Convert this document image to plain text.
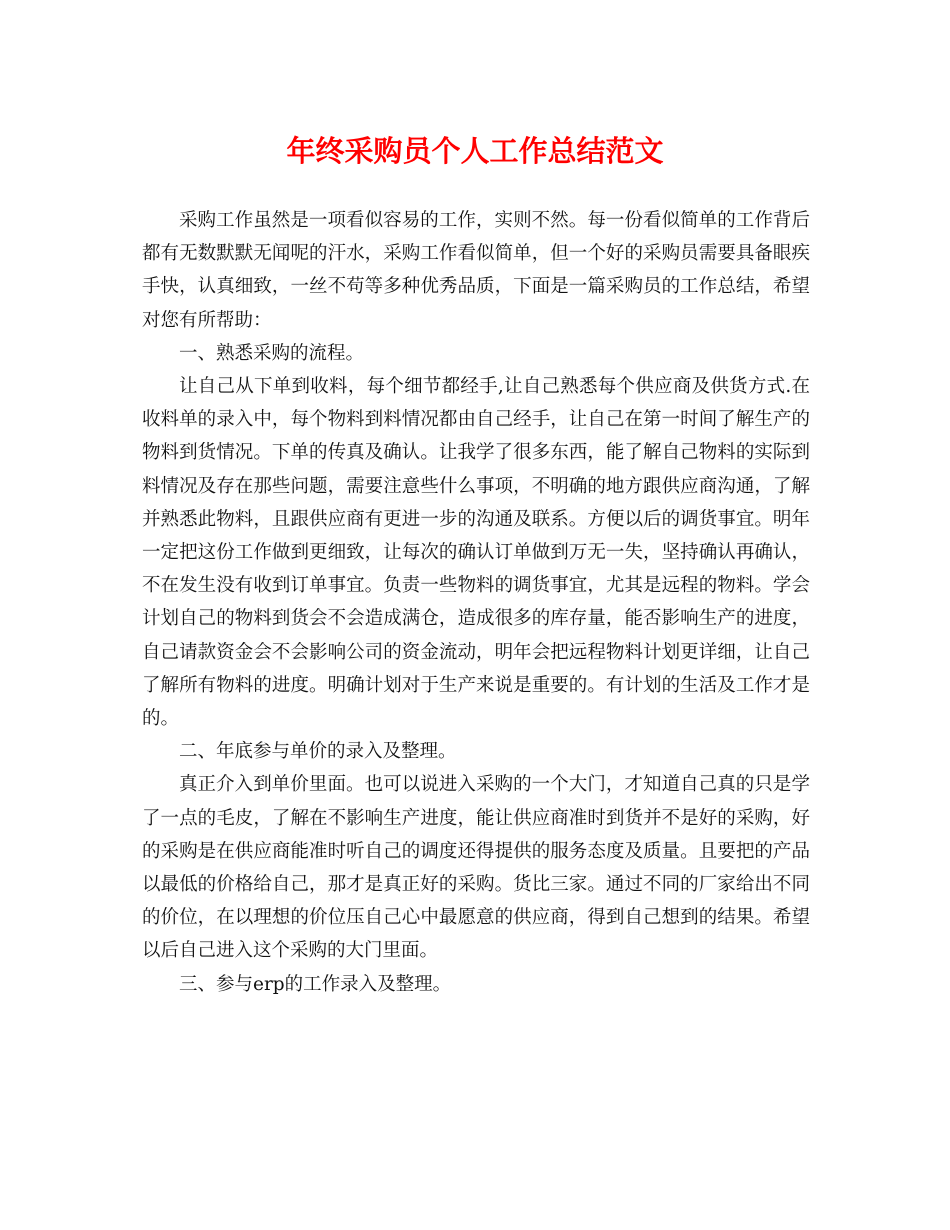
年终采购员个人工作总结范文

采购工作虽然是一项看似容易的工作，实则不然。每一份看似简单的工作背后都有无数默默无闻呢的汗水，采购工作看似简单，但一个好的采购员需要具备眼疾手快，认真细致，一丝不苟等多种优秀品质，下面是一篇采购员的工作总结，希望对您有所帮助：

一、熟悉采购的流程。

让自己从下单到收料，每个细节都经手,让自己熟悉每个供应商及供货方式.在收料单的录入中，每个物料到料情况都由自己经手，让自己在第一时间了解生产的物料到货情况。下单的传真及确认。让我学了很多东西，能了解自己物料的实际到料情况及存在那些问题，需要注意些什么事项，不明确的地方跟供应商沟通，了解并熟悉此物料，且跟供应商有更进一步的沟通及联系。方便以后的调货事宜。明年一定把这份工作做到更细致，让每次的确认订单做到万无一失，坚持确认再确认，不在发生没有收到订单事宜。负责一些物料的调货事宜，尤其是远程的物料。学会计划自己的物料到货会不会造成满仓，造成很多的库存量，能否影响生产的进度，自己请款资金会不会影响公司的资金流动，明年会把远程物料计划更详细，让自己了解所有物料的进度。明确计划对于生产来说是重要的。有计划的生活及工作才是的。

二、年底参与单价的录入及整理。

真正介入到单价里面。也可以说进入采购的一个大门，才知道自己真的只是学了一点的毛皮，了解在不影响生产进度，能让供应商准时到货并不是好的采购，好的采购是在供应商能准时听自己的调度还得提供的服务态度及质量。且要把的产品以最低的价格给自己，那才是真正好的采购。货比三家。通过不同的厂家给出不同的价位，在以理想的价位压自己心中最愿意的供应商，得到自己想到的结果。希望以后自己进入这个采购的大门里面。

三、参与erp的工作录入及整理。
